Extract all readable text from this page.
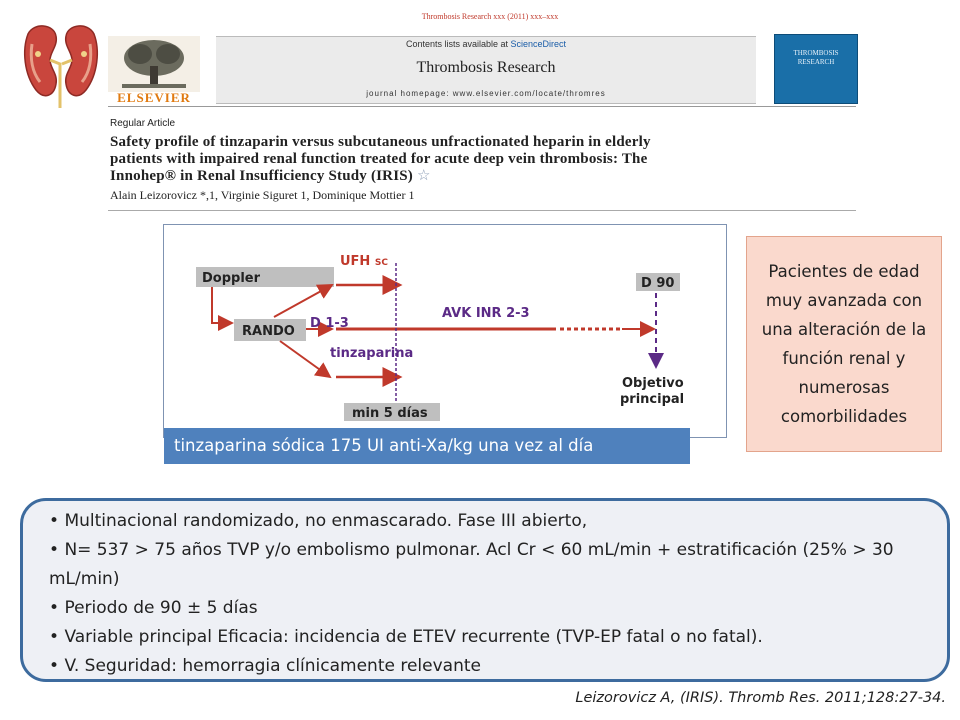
Thrombosis Research xxx (2011) xxx–xxx
ELSEVIER
Contents lists available at ScienceDirect
Thrombosis Research
journal homepage: www.elsevier.com/locate/thromres
THROMBOSIS
RESEARCH
Regular Article
Safety profile of tinzaparin versus subcutaneous unfractionated heparin in elderly
patients with impaired renal function treated for acute deep vein thrombosis: The
Innohep® in Renal Insufficiency Study (IRIS) ☆
Alain Leizorovicz *,1, Virginie Siguret 1, Dominique Mottier 1
Doppler
RANDO
UFH SC
D 1-3
AVK INR 2-3
tinzaparina
min 5 días
D 90
Objetivo
principal
tinzaparina sódica 175 UI anti-Xa/kg una vez al día
Pacientes de edad muy avanzada con una alteración de la función renal y numerosas comorbilidades
• Multinacional randomizado, no enmascarado. Fase III abierto,
• N= 537 > 75 años TVP y/o embolismo pulmonar. Acl Cr < 60 mL/min + estratificación (25% > 30 mL/min)
• Periodo de 90 ± 5 días
• Variable principal Eficacia: incidencia de ETEV recurrente (TVP-EP fatal o no fatal).
• V. Seguridad: hemorragia clínicamente relevante
Leizorovicz A, (IRIS). Thromb Res. 2011;128:27-34.
